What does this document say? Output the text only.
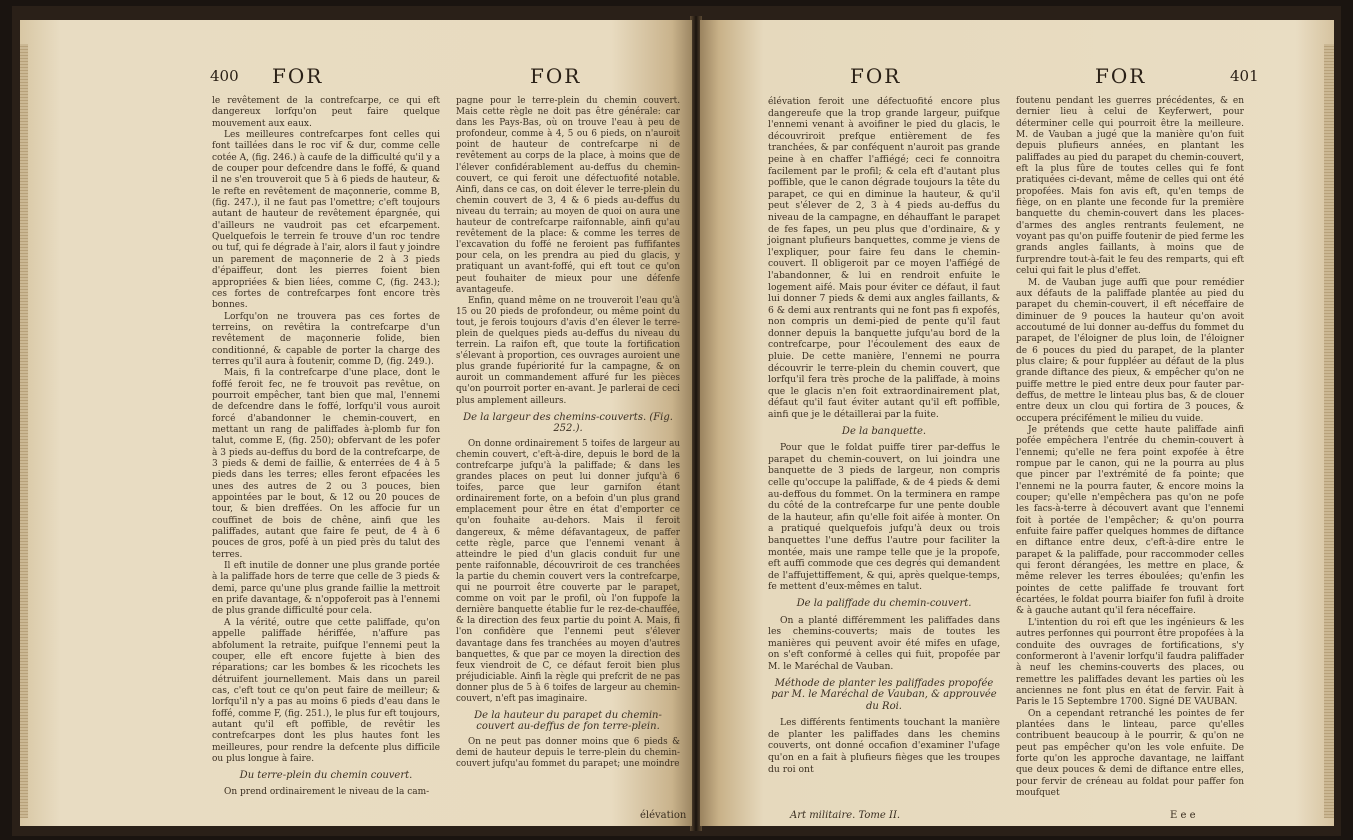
400 FOR	FOR

le revêtement de la contrefcarpe, ce qui eft dangereux lorfqu'on peut faire quelque mouvement aux eaux.

Les meilleures contrefcarpes font celles qui font taillées dans le roc vif & dur, comme celle cotée A, (fig. 246.) à caufe de la difficulté qu'il y a de couper pour defcendre dans le foffé, & quand il ne s'en trouveroit que 5 à 6 pieds de hauteur, & le refte en revêtement de maçonnerie, comme B, (fig. 247.), il ne faut pas l'omettre; c'eft toujours autant de hauteur de revêtement épargnée, qui d'ailleurs ne vaudroit pas cet efcarpement. Quelquefois le terrein fe trouve d'un roc tendre ou tuf, qui fe dégrade à l'air, alors il faut y joindre un parement de maçonnerie de 2 à 3 pieds d'épaiffeur, dont les pierres foient bien appropriées & bien liées, comme C, (fig. 243.); ces fortes de contrefcarpes font encore très bonnes.

Lorfqu'on ne trouvera pas ces fortes de terreins, on revêtira la contrefcarpe d'un revêtement de maçonnerie folide, bien conditionné, & capable de porter la charge des terres qu'il aura à foutenir, comme D, (fig. 249.).

Mais, fi la contrefcarpe d'une place, dont le foffé feroit fec, ne fe trouvoit pas revêtue, on pourroit empêcher, tant bien que mal, l'ennemi de defcendre dans le foffé, lorfqu'il vous auroit forcé d'abandonner le chemin-couvert, en mettant un rang de paliffades à-plomb fur fon talut, comme E, (fig. 250); obfervant de les pofer à 3 pieds au-deffus du bord de la contrefcarpe, de 3 pieds & demi de faillie, & enterrées de 4 à 5 pieds dans les terres; elles feront efpacées les unes des autres de 2 ou 3 pouces, bien appointées par le bout, & 12 ou 20 pouces de tour, & bien dreffées. On les affocie fur un couffinet de bois de chêne, ainfi que les paliffades, autant que faire fe peut, de 4 à 6 pouces de gros, pofé à un pied près du talut des terres.

Il eft inutile de donner une plus grande portée à la paliffade hors de terre que celle de 3 pieds & demi, parce qu'une plus grande faillie la mettroit en prife davantage, & n'oppoferoit pas à l'ennemi de plus grande difficulté pour cela.

A la vérité, outre que cette paliffade, qu'on appelle paliffade hériffée, n'affure pas abfolument la retraite, puifque l'ennemi peut la couper, elle eft encore fujette à bien des réparations; car les bombes & les ricochets les détruifent journellement. Mais dans un pareil cas, c'eft tout ce qu'on peut faire de meilleur; & lorfqu'il n'y a pas au moins 6 pieds d'eau dans le foffé, comme F, (fig. 251.), le plus fur eft toujours, autant qu'il eft poffible, de revêtir les contrefcarpes dont les plus hautes font les meilleures, pour rendre la defcente plus difficile ou plus longue à faire.

Du terre-plein du chemin couvert.

On prend ordinairement le niveau de la cam-

pagne pour le terre-plein du chemin couvert. Mais cette règle ne doit pas être générale: car dans les Pays-Bas, où on trouve l'eau à peu de profondeur, comme à 4, 5 ou 6 pieds, on n'auroit point de hauteur de contrefcarpe ni de revêtement au corps de la place, à moins que de l'élever confidérablement au-deffus du chemin-couvert, ce qui feroit une défectuofité notable. Ainfi, dans ce cas, on doit élever le terre-plein du chemin couvert de 3, 4 & 6 pieds au-deffus du niveau du terrain; au moyen de quoi on aura une hauteur de contrefcarpe raifonnable, ainfi qu'au revêtement de la place: & comme les terres de l'excavation du foffé ne feroient pas fuffifantes pour cela, on les prendra au pied du glacis, y pratiquant un avant-foffé, qui eft tout ce qu'on peut fouhaiter de mieux pour une défenfe avantageufe.

Enfin, quand même on ne trouveroit l'eau qu'à 15 ou 20 pieds de profondeur, ou même point du tout, je ferois toujours d'avis d'en élever le terre-plein de quelques pieds au-deffus du niveau du terrein. La raifon eft, que toute la fortification s'élevant à proportion, ces ouvrages auroient une plus grande fupériorité fur la campagne, & on auroit un commandement affuré fur les pièces qu'on pourroit porter en-avant. Je parlerai de ceci plus amplement ailleurs.

De la largeur des chemins-couverts. (Fig. 252.).

On donne ordinairement 5 toifes de largeur au chemin couvert, c'eft-à-dire, depuis le bord de la contrefcarpe jufqu'à la paliffade; & dans les grandes places on peut lui donner jufqu'à 6 toifes, parce que leur garnifon étant ordinairement forte, on a befoin d'un plus grand emplacement pour être en état d'emporter ce qu'on fouhaite au-dehors. Mais il feroit dangereux, & même défavantageux, de paffer cette règle, parce que l'ennemi venant à atteindre le pied d'un glacis conduit fur une pente raifonnable, découvriroit de ces tranchées la partie du chemin couvert vers la contrefcarpe, qui ne pourroit être couverte par le parapet, comme on voit par le profil, où l'on fuppofe la dernière banquette établie fur le rez-de-chauffée, & la direction des feux partie du point A. Mais, fi l'on confidère que l'ennemi peut s'élever davantage dans fes tranchées au moyen d'autres banquettes, & que par ce moyen la direction des feux viendroit de C, ce défaut feroit bien plus préjudiciable. Ainfi la règle qui prefcrit de ne pas donner plus de 5 à 6 toifes de largeur au chemin-couvert, n'eft pas imaginaire.

De la hauteur du parapet du chemin-couvert au-deffus de fon terre-plein.

On ne peut pas donner moins que 6 pieds & demi de hauteur depuis le terre-plein du chemin-couvert jufqu'au fommet du parapet; une moindre

élévation
FOR	FOR	401

élévation feroit une défectuofité encore plus dangereufe que la trop grande largeur, puifque l'ennemi venant à avoifiner le pied du glacis, le découvriroit prefque entièrement de fes tranchées, & par conféquent n'auroit pas grande peine à en chaffer l'affiégé; ceci fe connoitra facilement par le profil; & cela eft d'autant plus poffible, que le canon dégrade toujours la tête du parapet, ce qui en diminue la hauteur, & qu'il peut s'élever de 2, 3 à 4 pieds au-deffus du niveau de la campagne, en déhauffant le parapet de fes fapes, un peu plus que d'ordinaire, & y joignant plufieurs banquettes, comme je viens de l'expliquer, pour faire feu dans le chemin-couvert. Il obligeroit par ce moyen l'affiégé de l'abandonner, & lui en rendroit enfuite le logement aifé. Mais pour éviter ce défaut, il faut lui donner 7 pieds & demi aux angles faillants, & 6 & demi aux rentrants qui ne font pas fi expofés, non compris un demi-pied de pente qu'il faut donner depuis la banquette jufqu'au bord de la contrefcarpe, pour l'écoulement des eaux de pluie. De cette manière, l'ennemi ne pourra découvrir le terre-plein du chemin couvert, que lorfqu'il fera très proche de la paliffade, à moins que le glacis n'en foit extraordinairement plat, défaut qu'il faut éviter autant qu'il eft poffible, ainfi que je le détaillerai par la fuite.

De la banquette.

Pour que le foldat puiffe tirer par-deffus le parapet du chemin-couvert, on lui joindra une banquette de 3 pieds de largeur, non compris celle qu'occupe la paliffade, & de 4 pieds & demi au-deffous du fommet. On la terminera en rampe du côté de la contrefcarpe fur une pente double de la hauteur, afin qu'elle foit aifée à monter. On a pratiqué quelquefois jufqu'à deux ou trois banquettes l'une deffus l'autre pour faciliter la montée, mais une rampe telle que je la propofe, eft auffi commode que ces degrés qui demandent de l'affujettiffement, & qui, après quelque-temps, fe mettent d'eux-mêmes en talut.

De la paliffade du chemin-couvert.

On a planté différemment les paliffades dans les chemins-couverts; mais de toutes les manières qui peuvent avoir été mifes en ufage, on s'eft conformé à celles qui fuit, propofée par M. le Maréchal de Vauban.

Méthode de planter les paliffades propofée par M. le Maréchal de Vauban, & approuvée du Roi.

Les différents fentiments touchant la manière de planter les paliffades dans les chemins couverts, ont donné occafion d'examiner l'ufage qu'on en a fait à plufieurs fièges que les troupes du roi ont

Art militaire. Tome II.

foutenu pendant les guerres précédentes, & en dernier lieu à celui de Keyferwert, pour déterminer celle qui pourroit être la meilleure. M. de Vauban a jugé que la manière qu'on fuit depuis plufieurs années, en plantant les paliffades au pied du parapet du chemin-couvert, eft la plus fûre de toutes celles qui fe font pratiquées ci-devant, même de celles qui ont été propofées. Mais fon avis eft, qu'en temps de fiège, on en plante une feconde fur la première banquette du chemin-couvert dans les places-d'armes des angles rentrants feulement, ne voyant pas qu'on puiffe foutenir de pied ferme les grands angles faillants, à moins que de furprendre tout-à-fait le feu des remparts, qui eft celui qui fait le plus d'effet.

M. de Vauban juge auffi que pour remédier aux défauts de la paliffade plantée au pied du parapet du chemin-couvert, il eft néceffaire de diminuer de 9 pouces la hauteur qu'on avoit accoutumé de lui donner au-deffus du fommet du parapet, de l'éloigner de plus loin, de l'éloigner de 6 pouces du pied du parapet, de la planter plus claire; & pour fuppléer au défaut de la plus grande diftance des pieux, & empêcher qu'on ne puiffe mettre le pied entre deux pour fauter par-deffus, de mettre le linteau plus bas, & de clouer entre deux un clou qui fortira de 3 pouces, & occupera précifément le milieu du vuide.

Je prétends que cette haute paliffade ainfi pofée empêchera l'entrée du chemin-couvert à l'ennemi; qu'elle ne fera point expofée à être rompue par le canon, qui ne la pourra au plus que pincer par l'extrémité de fa pointe; que l'ennemi ne la pourra fauter, & encore moins la couper; qu'elle n'empêchera pas qu'on ne pofe les facs-à-terre à découvert avant que l'ennemi foit à portée de l'empêcher; & qu'on pourra enfuite faire paffer quelques hommes de diftance en diftance entre deux, c'eft-à-dire entre le parapet & la paliffade, pour raccommoder celles qui feront dérangées, les mettre en place, & même relever les terres éboulées; qu'enfin les pointes de cette paliffade fe trouvant fort écartées, le foldat pourra biaifer fon fufil à droite & à gauche autant qu'il fera néceffaire.

L'intention du roi eft que les ingénieurs & les autres perfonnes qui pourront être propofées à la conduite des ouvrages de fortifications, s'y conformeront à l'avenir lorfqu'il faudra paliffader à neuf les chemins-couverts des places, ou remettre les paliffades devant les parties où les anciennes ne font plus en état de fervir. Fait à Paris le 15 Septembre 1700. Signé DE VAUBAN.

On a cependant retranché les pointes de fer plantées dans le linteau, parce qu'elles contribuent beaucoup à le pourrir, & qu'on ne peut pas empêcher qu'on les vole enfuite. De forte qu'on les approche davantage, ne laiffant que deux pouces & demi de diftance entre elles, pour fervir de créneau au foldat pour paffer fon moufquet

E e e
